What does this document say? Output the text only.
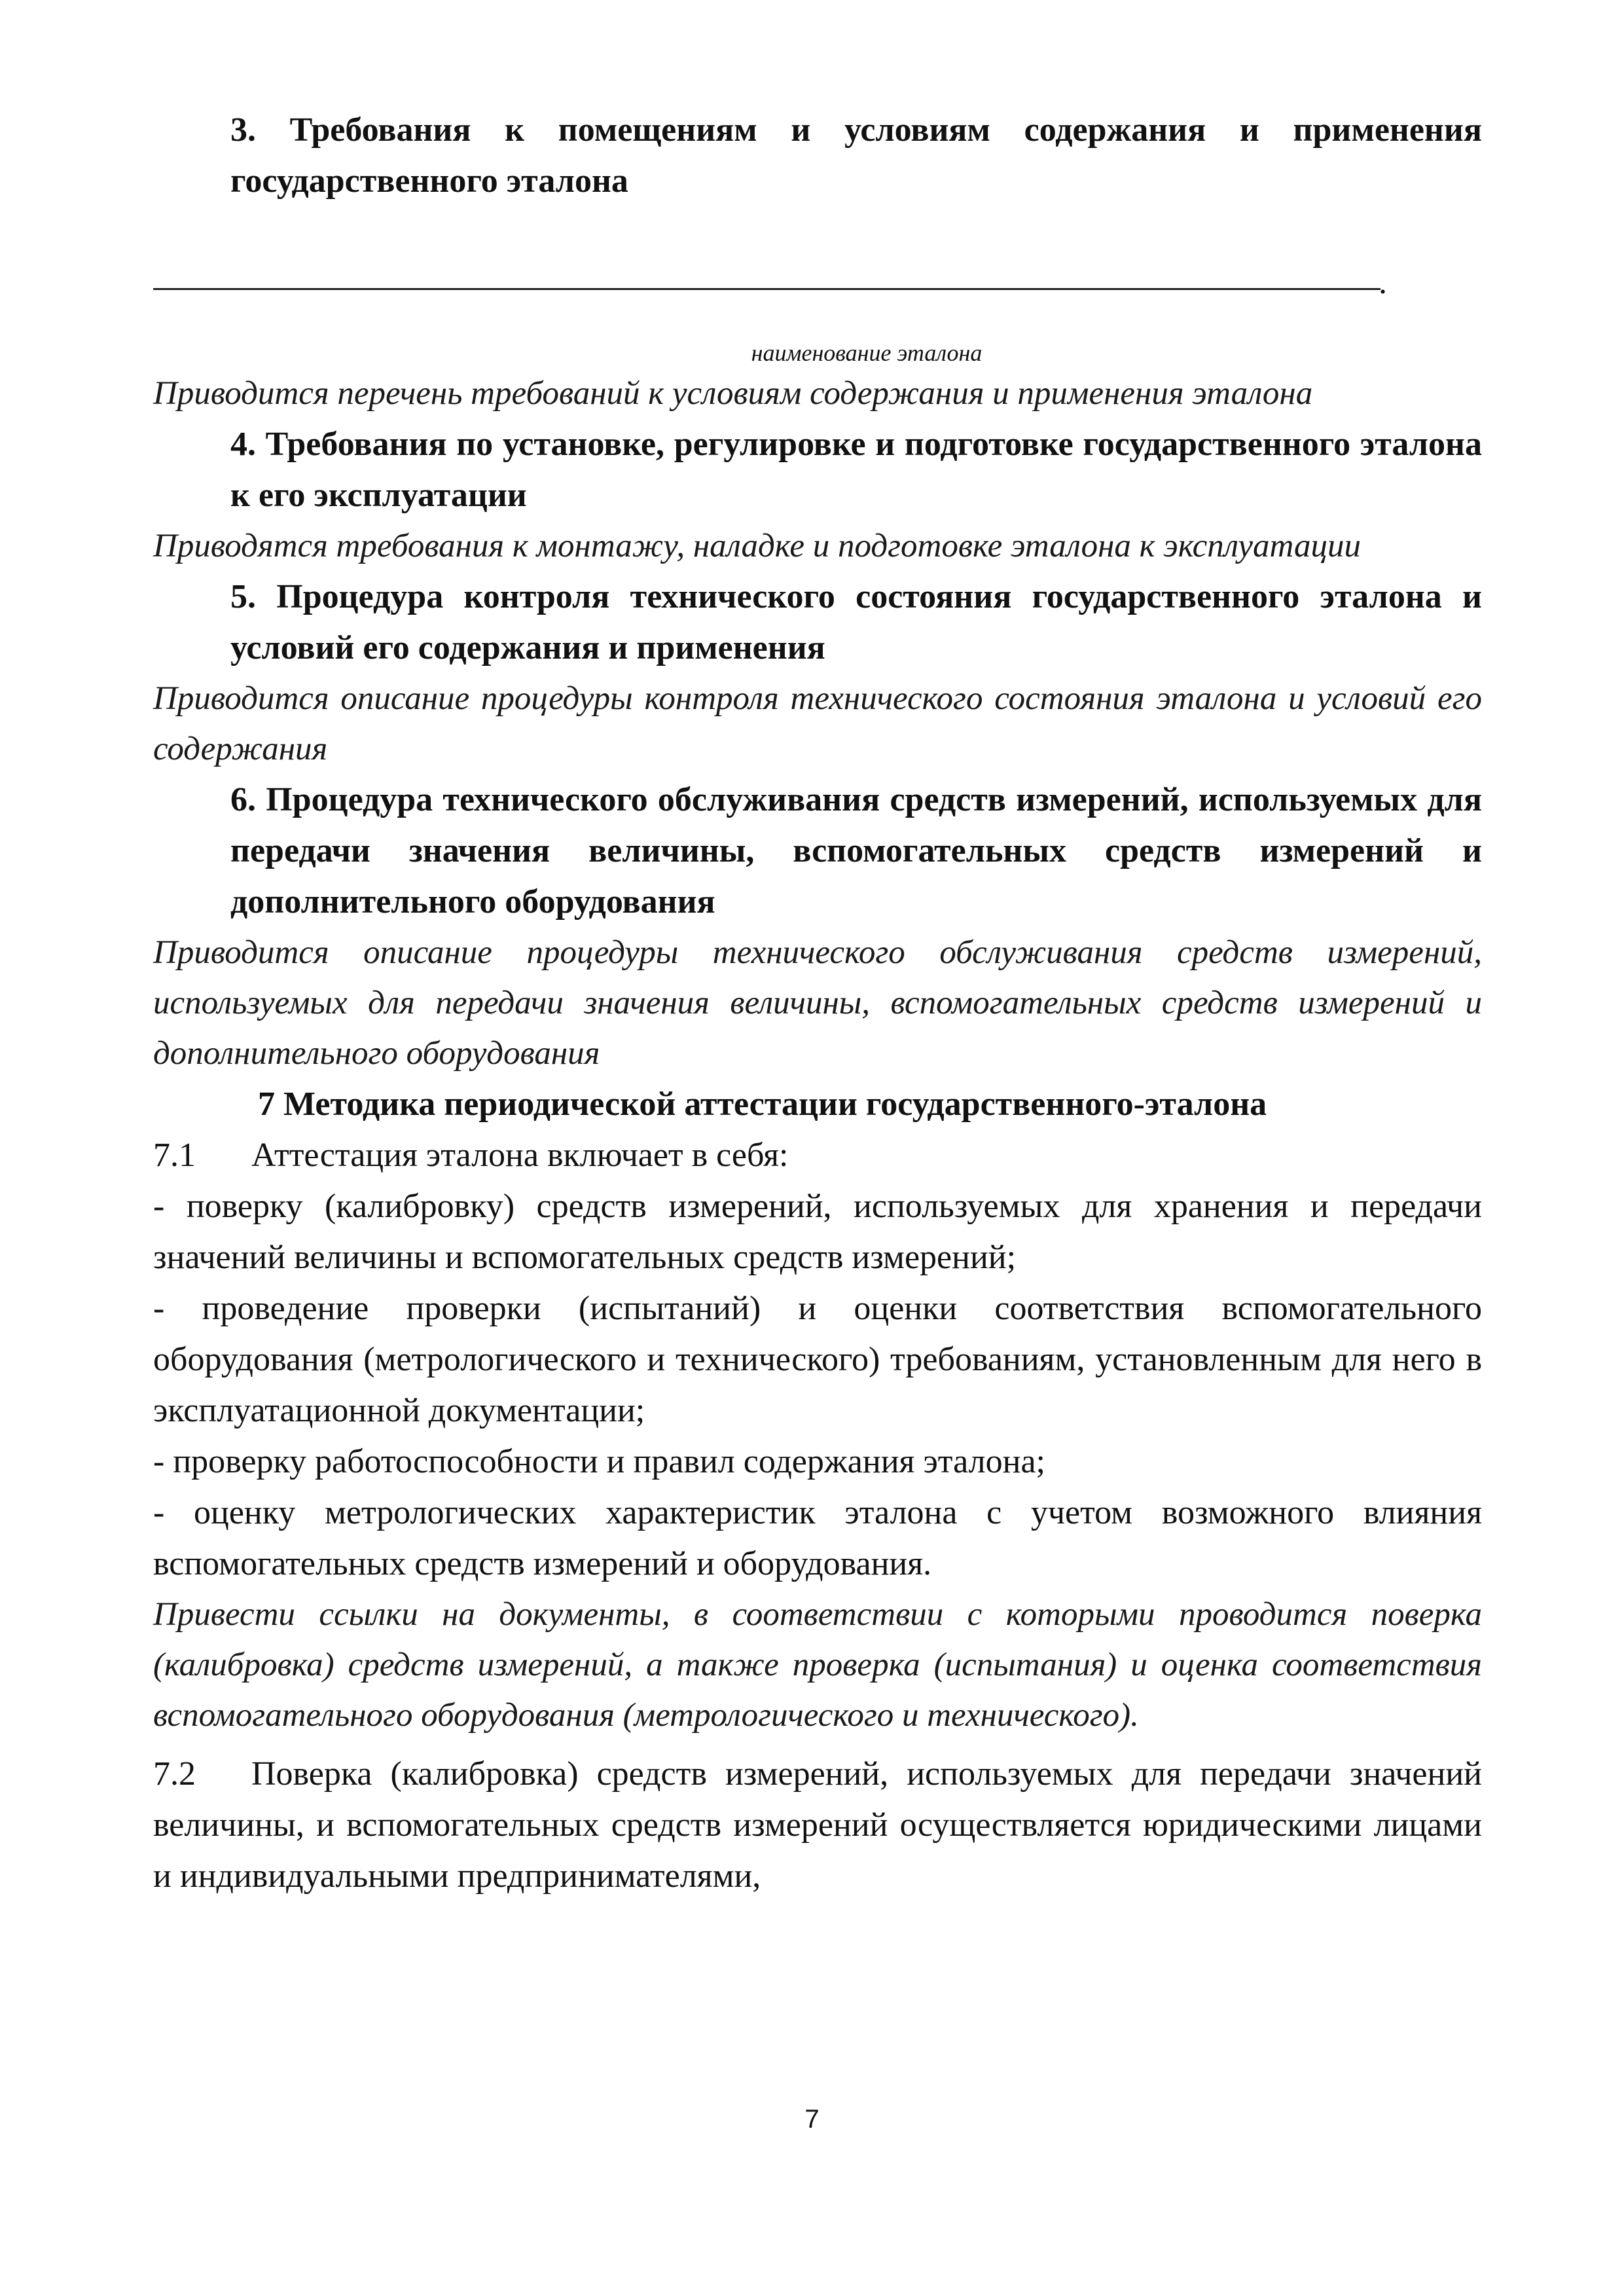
3. Требования к помещениям и условиям содержания и применения государственного эталона

.

наименование эталона

Приводится перечень требований к условиям содержания и применения эталона

4. Требования по установке, регулировке и подготовке государственного эталона к его эксплуатации

Приводятся требования к монтажу, наладке и подготовке эталона к эксплуатации

5. Процедура контроля технического состояния государственного эталона и условий его содержания и применения

Приводится описание процедуры контроля технического состояния эталона и условий его содержания

6. Процедура технического обслуживания средств измерений, используемых для передачи значения величины, вспомогательных средств измерений и дополнительного оборудования

Приводится описание процедуры технического обслуживания средств измерений, используемых для передачи значения величины, вспомогательных средств измерений и дополнительного оборудования

7 Методика периодической аттестации государственного-эталона

7.1 Аттестация эталона включает в себя:

- поверку (калибровку) средств измерений, используемых для хранения и передачи значений величины и вспомогательных средств измерений;

- проведение проверки (испытаний) и оценки соответствия вспомогательного оборудования (метрологического и технического) требованиям, установленным для него в эксплуатационной документации;

- проверку работоспособности и правил содержания эталона;

- оценку метрологических характеристик эталона с учетом возможного влияния вспомогательных средств измерений и оборудования.

Привести ссылки на документы, в соответствии с которыми проводится поверка (калибровка) средств измерений, а также проверка (испытания) и оценка соответствия вспомогательного оборудования (метрологического и технического).

7.2 Поверка (калибровка) средств измерений, используемых для передачи значений величины, и вспомогательных средств измерений осуществляется юридическими лицами и индивидуальными предпринимателями,

7
